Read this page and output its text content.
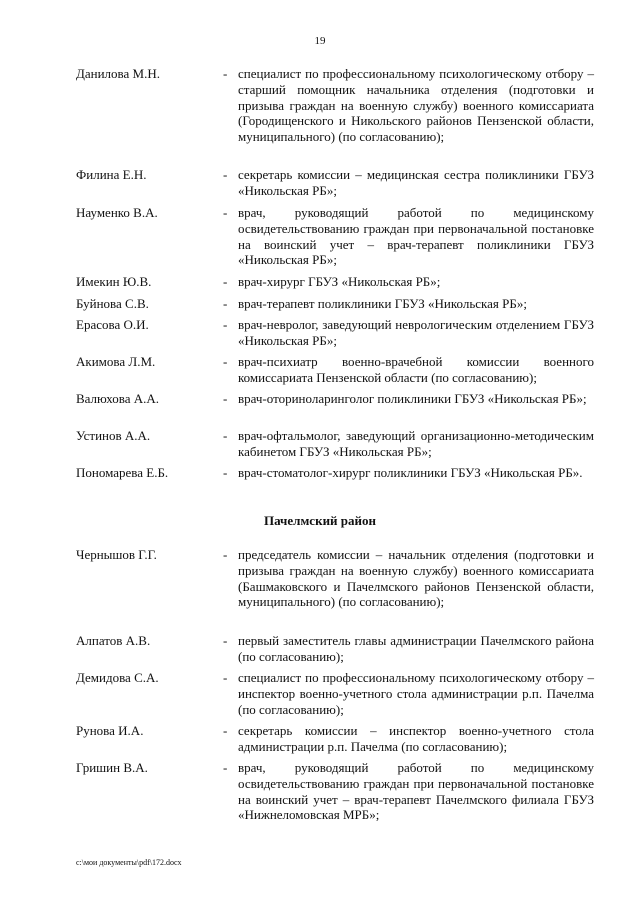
19
Данилова М.Н.	- специалист по профессиональному психологическому отбору – старший помощник начальника отделения (подготовки и призыва граждан на военную службу) военного комиссариата (Городищенского и Никольского районов Пензенской области, муниципального) (по согласованию);
Филина Е.Н.	- секретарь комиссии – медицинская сестра поликлиники ГБУЗ «Никольская РБ»;
Науменко В.А.	- врач, руководящий работой по медицинскому освидетельствованию граждан при первоначальной постановке на воинский учет – врач-терапевт поликлиники ГБУЗ «Никольская РБ»;
Имекин Ю.В.	- врач-хирург ГБУЗ «Никольская РБ»;
Буйнова С.В.	- врач-терапевт поликлиники ГБУЗ «Никольская РБ»;
Ерасова О.И.	- врач-невролог, заведующий неврологическим отделением ГБУЗ «Никольская РБ»;
Акимова Л.М.	- врач-психиатр военно-врачебной комиссии военного комиссариата Пензенской области (по согласованию);
Валюхова А.А.	- врач-оториноларинголог поликлиники ГБУЗ «Никольская РБ»;
Устинов А.А.	- врач-офтальмолог, заведующий организационно-методическим кабинетом ГБУЗ «Никольская РБ»;
Пономарева Е.Б.	- врач-стоматолог-хирург поликлиники ГБУЗ «Никольская РБ».
Пачелмский район
Чернышов Г.Г.	- председатель комиссии – начальник отделения (подготовки и призыва граждан на военную службу) военного комиссариата (Башмаковского и Пачелмского районов Пензенской области, муниципального) (по согласованию);
Алпатов А.В.	- первый заместитель главы администрации Пачелмского района (по согласованию);
Демидова С.А.	- специалист по профессиональному психологическому отбору – инспектор военно-учетного стола администрации р.п. Пачелма (по согласованию);
Рунова И.А.	- секретарь комиссии – инспектор военно-учетного стола администрации р.п. Пачелма (по согласованию);
Гришин В.А.	- врач, руководящий работой по медицинскому освидетельствованию граждан при первоначальной постановке на воинский учет – врач-терапевт Пачелмского филиала ГБУЗ «Нижнеломовская МРБ»;
c:\мои документы\pdf\172.docx
